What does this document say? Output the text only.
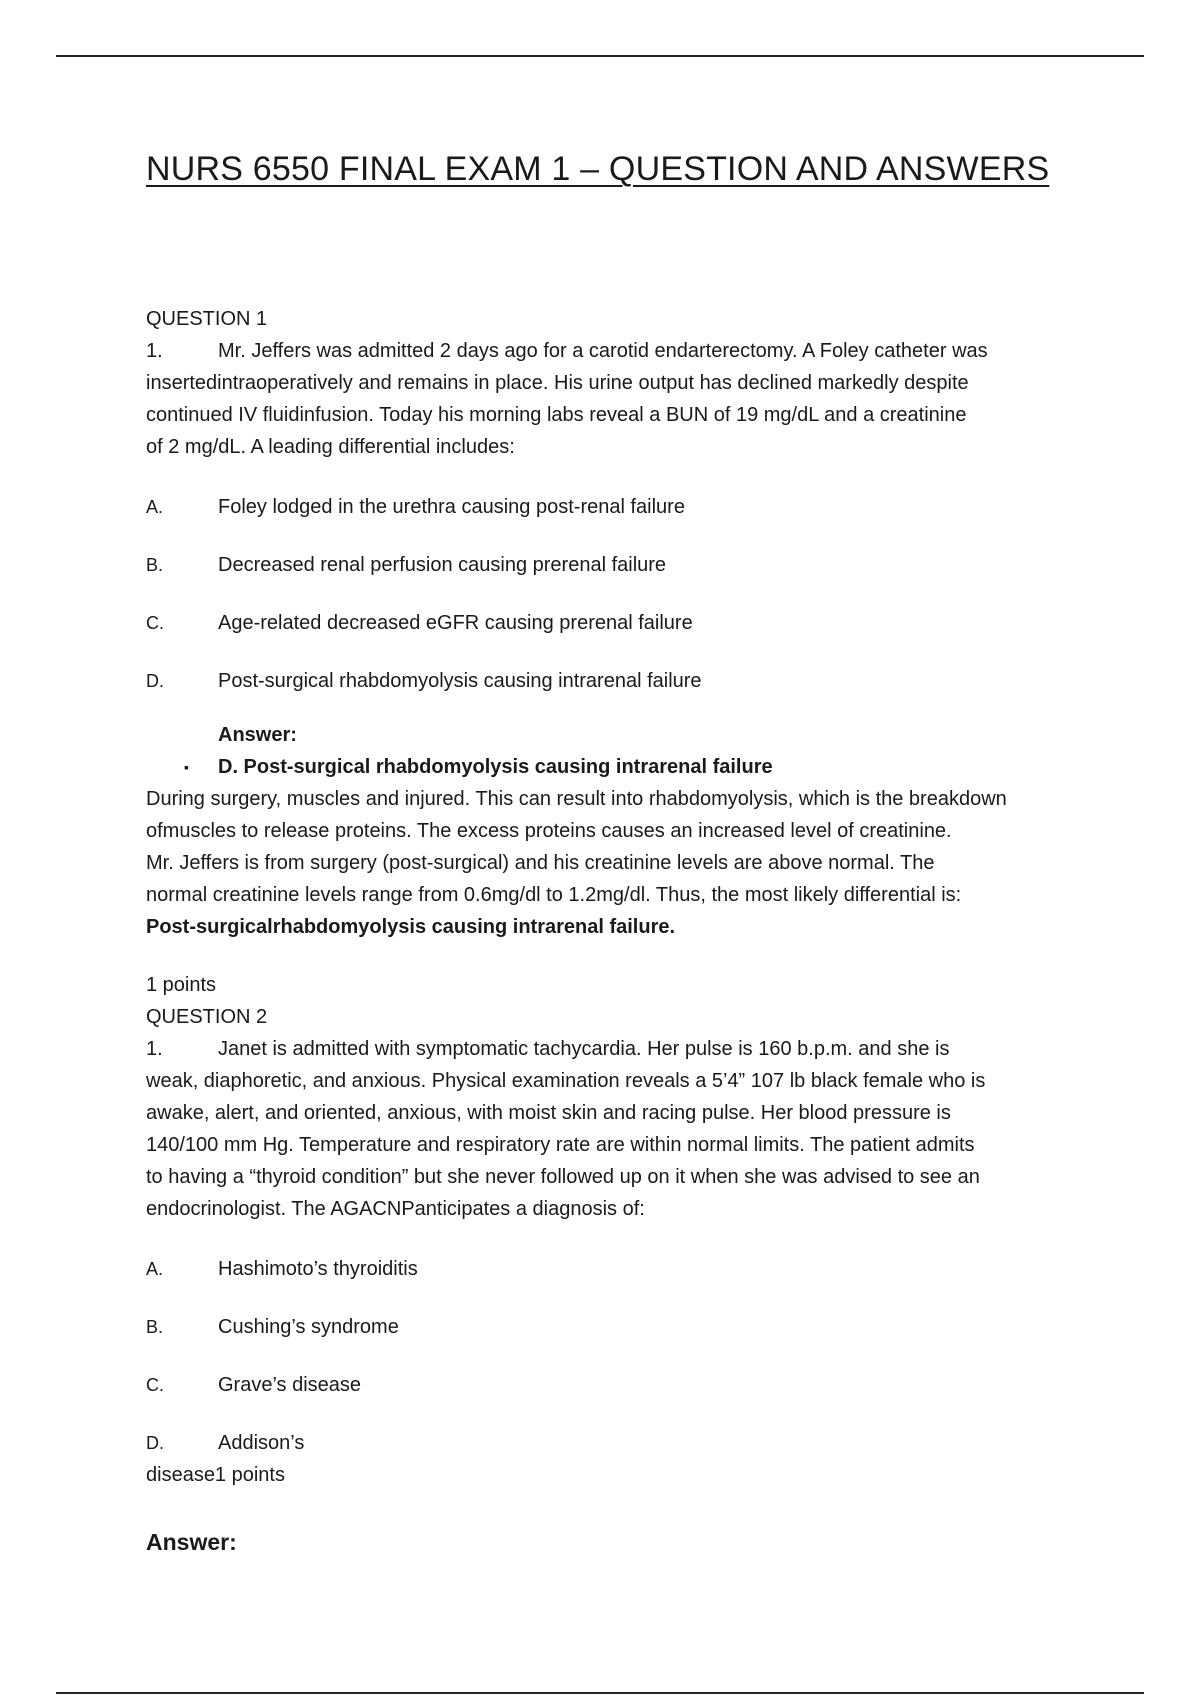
NURS 6550 FINAL EXAM 1 – QUESTION AND ANSWERS
QUESTION 1
1.	Mr. Jeffers was admitted 2 days ago for a carotid endarterectomy. A Foley catheter was
insertedintraoperatively and remains in place. His urine output has declined markedly despite
continued IV fluidinfusion. Today his morning labs reveal a BUN of 19 mg/dL and a creatinine
of 2 mg/dL. A leading differential includes:
A.	Foley lodged in the urethra causing post-renal failure
B.	Decreased renal perfusion causing prerenal failure
C.	Age-related decreased eGFR causing prerenal failure
D.	Post-surgical rhabdomyolysis causing intrarenal failure
Answer:
▪ D. Post-surgical rhabdomyolysis causing intrarenal failure

During surgery, muscles and injured. This can result into rhabdomyolysis, which is the breakdown

ofmuscles to release proteins. The excess proteins causes an increased level of creatinine.

Mr. Jeffers is from surgery (post-surgical) and his creatinine levels are above normal. The

normal creatinine levels range from 0.6mg/dl to 1.2mg/dl. Thus, the most likely differential is:

Post-surgicalrhabdomyolysis causing intrarenal failure.

1 points
QUESTION 2
1.	Janet is admitted with symptomatic tachycardia. Her pulse is 160 b.p.m. and she is
weak, diaphoretic, and anxious. Physical examination reveals a 5’4” 107 lb black female who is
awake, alert, and oriented, anxious, with moist skin and racing pulse. Her blood pressure is
140/100 mm Hg. Temperature and respiratory rate are within normal limits. The patient admits
to having a “thyroid condition” but she never followed up on it when she was advised to see an
endocrinologist. The AGACNPanticipates a diagnosis of:
A.	Hashimoto’s thyroiditis
B.	Cushing’s syndrome
C.	Grave’s disease
D.	Addison’s

disease1 points

Answer:
